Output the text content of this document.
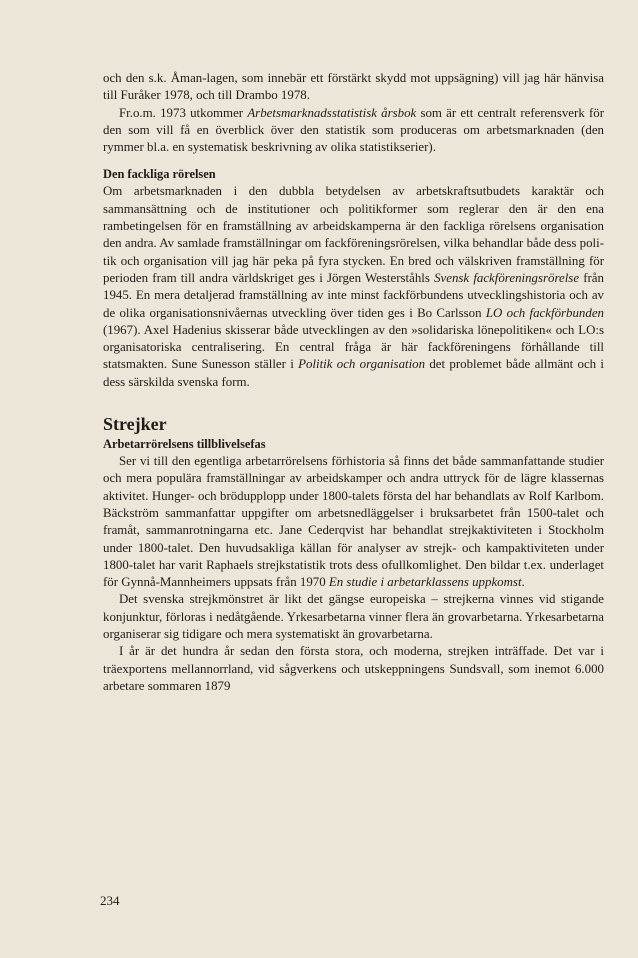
och den s.k. Åman-lagen, som innebär ett förstärkt skydd mot uppsägning) vill jag här hänvisa till Furåker 1978, och till Drambo 1978.

Fr.o.m. 1973 utkommer Arbetsmarknadsstatistisk årsbok som är ett centralt referensverk för den som vill få en överblick över den statistik som produceras om arbetsmarknaden (den rymmer bl.a. en systematisk beskrivning av olika statistikserier).

Den fackliga rörelsen

Om arbetsmarknaden i den dubbla betydelsen av arbetskraftsutbudets karaktär och sammansättning och de institutioner och politikformer som reglerar den är den ena rambetingelsen för en framställning av arbeidskamperna är den fackliga rörelsens organisation den andra. Av samlade framställningar om fackföreningsrörelsen, vilka behandlar både dess politik och organisation vill jag här peka på fyra stycken. En bred och välskriven framställning för perioden fram till andra världskriget ges i Jörgen Westerståhls Svensk fackföreningsrörelse från 1945. En mera detaljerad framställning av inte minst fackförbundens utvecklingshistoria och av de olika organisationsnivåernas utveckling över tiden ges i Bo Carlsson LO och fackförbunden (1967). Axel Hadenius skisserar både utvecklingen av den »solidariska lönepolitiken« och LO:s organisatoriska centralisering. En central fråga är här fackföreningens förhållande till statsmakten. Sune Sunesson ställer i Politik och organisation det problemet både allmänt och i dess särskilda svenska form.

Strejker
Arbetarrörelsens tillblivelsefas

Ser vi till den egentliga arbetarrörelsens förhistoria så finns det både sammanfattande studier och mera populära framställningar av arbeidskamper och andra uttryck för de lägre klassernas aktivitet. Hunger- och brödupplopp under 1800-talets första del har behandlats av Rolf Karlbom. Bäckström sammanfattar uppgifter om arbetsnedläggelser i bruksarbetet från 1500-talet och framåt, sammanrotningarna etc. Jane Cederqvist har behandlat strejkaktiviteten i Stockholm under 1800-talet. Den huvudsakliga källan för analyser av strejk- och kampaktiviteten under 1800-talet har varit Raphaels strejkstatistik trots dess ofullkomlighet. Den bildar t.ex. underlaget för Gynnå-Mannheimers uppsats från 1970 En studie i arbetarklassens uppkomst.

Det svenska strejkmönstret är likt det gängse europeiska – strejkerna vinnes vid stigande konjunktur, förloras i nedåtgående. Yrkesarbetarna vinner flera än grovarbetarna. Yrkesarbetarna organiserar sig tidigare och mera systematiskt än grovarbetarna.

I år är det hundra år sedan den första stora, och moderna, strejken inträffade. Det var i träexportens mellannorrland, vid sågverkens och utskeppningens Sundsvall, som inemot 6.000 arbetare sommaren 1879

234
